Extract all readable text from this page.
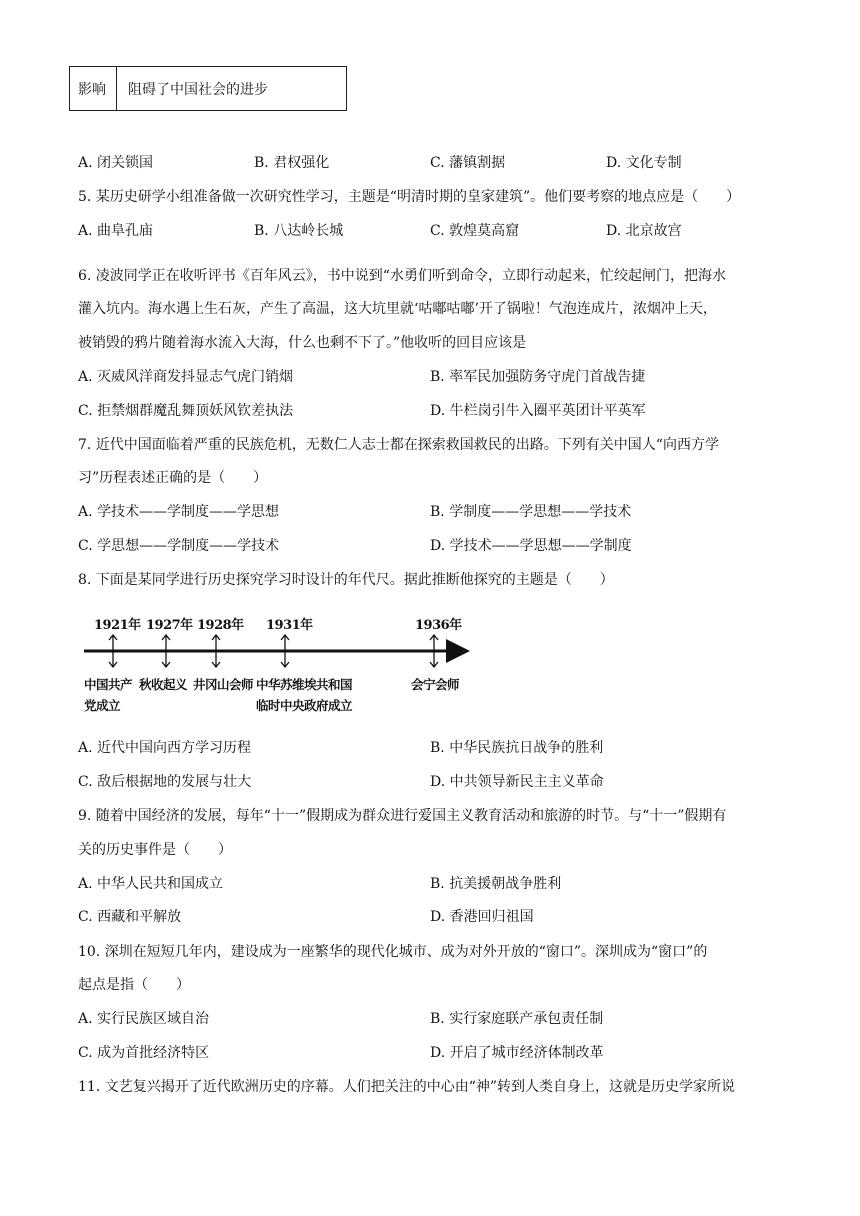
影响 阻碍了中国社会的进步
A. 闭关锁国	B. 君权强化	C. 藩镇割据	D. 文化专制
5. 某历史研学小组准备做一次研究性学习，主题是“明清时期的皇家建筑”。他们要考察的地点应是（　　）
A. 曲阜孔庙	B. 八达岭长城	C. 敦煌莫高窟	D. 北京故宫
6. 凌波同学正在收听评书《百年风云》，书中说到“水勇们听到命令，立即行动起来，忙绞起闸门，把海水
灌入坑内。海水遇上生石灰，产生了高温，这大坑里就‘咕嘟咕嘟’开了锅啦！气泡连成片，浓烟冲上天，
被销毁的鸦片随着海水流入大海，什么也剩不下了。”他收听的回目应该是
A. 灭威风洋商发抖显志气虎门销烟	B. 率军民加强防务守虎门首战告捷
C. 拒禁烟群魔乱舞顶妖风钦差执法	D. 牛栏岗引牛入圈平英团计平英军
7. 近代中国面临着严重的民族危机，无数仁人志士都在探索救国救民的出路。下列有关中国人“向西方学
习”历程表述正确的是（　　）
A. 学技术——学制度——学思想	B. 学制度——学思想——学技术
C. 学思想——学制度——学技术	D. 学技术——学思想——学制度
8. 下面是某同学进行历史探究学习时设计的年代尺。据此推断他探究的主题是（　　）
1921年 1927年 1928年 1931年	1936年
中国共产
党成立
秋收起义 井冈山会师 中华苏维埃共和国
临时中央政府成立
会宁会师
A. 近代中国向西方学习历程	B. 中华民族抗日战争的胜利
C. 敌后根据地的发展与壮大	D. 中共领导新民主主义革命
9. 随着中国经济的发展，每年“十一”假期成为群众进行爱国主义教育活动和旅游的时节。与“十一”假期有
关的历史事件是（　　）
A. 中华人民共和国成立	B. 抗美援朝战争胜利
C. 西藏和平解放	D. 香港回归祖国
10. 深圳在短短几年内，建设成为一座繁华的现代化城市、成为对外开放的“窗口”。深圳成为“窗口”的
起点是指（　　）
A. 实行民族区域自治	B. 实行家庭联产承包责任制
C. 成为首批经济特区	D. 开启了城市经济体制改革
11. 文艺复兴揭开了近代欧洲历史的序幕。人们把关注的中心由“神”转到人类自身上，这就是历史学家所说
